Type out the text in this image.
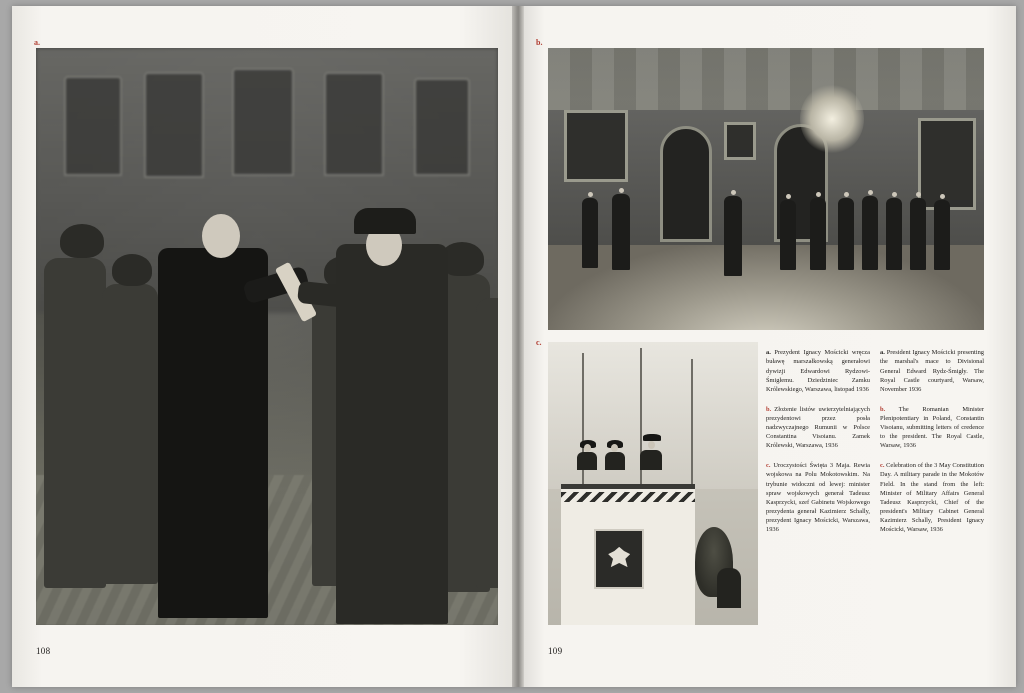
a.	b.
c.

a. Prezydent Ignacy Mościcki wręcza buławę marszałkowską generałowi dywizji Edwardowi Rydzowi-Śmigłemu. Dziedziniec Zamku Królewskiego, Warszawa, listopad 1936

b. Złożenie listów uwierzytelniających prezydentowi przez posła nadzwyczajnego Rumunii w Polsce Constantina Visoianu. Zamek Królewski, Warszawa, 1936

c. Uroczystości Święta 3 Maja. Rewia wojskowa na Polu Mokotowskim. Na trybunie widoczni od lewej: minister spraw wojskowych generał Tadeusz Kasprzycki, szef Gabinetu Wojskowego prezydenta generał Kazimierz Schally, prezydent Ignacy Mościcki, Warszawa, 1936

a. President Ignacy Mościcki presenting the marshal's mace to Divisional General Edward Rydz-Śmigły. The Royal Castle courtyard, Warsaw, November 1936

b. The Romanian Minister Plenipotentiary in Poland, Constantin Visoianu, submitting letters of credence to the president. The Royal Castle, Warsaw, 1936

c. Celebration of the 3 May Constitution Day. A military parade in the Mokotów Field. In the stand from the left: Minister of Military Affairs General Tadeusz Kasprzycki, Chief of the president's Military Cabinet General Kazimierz Schally, President Ignacy Mościcki, Warsaw, 1936

108	109
